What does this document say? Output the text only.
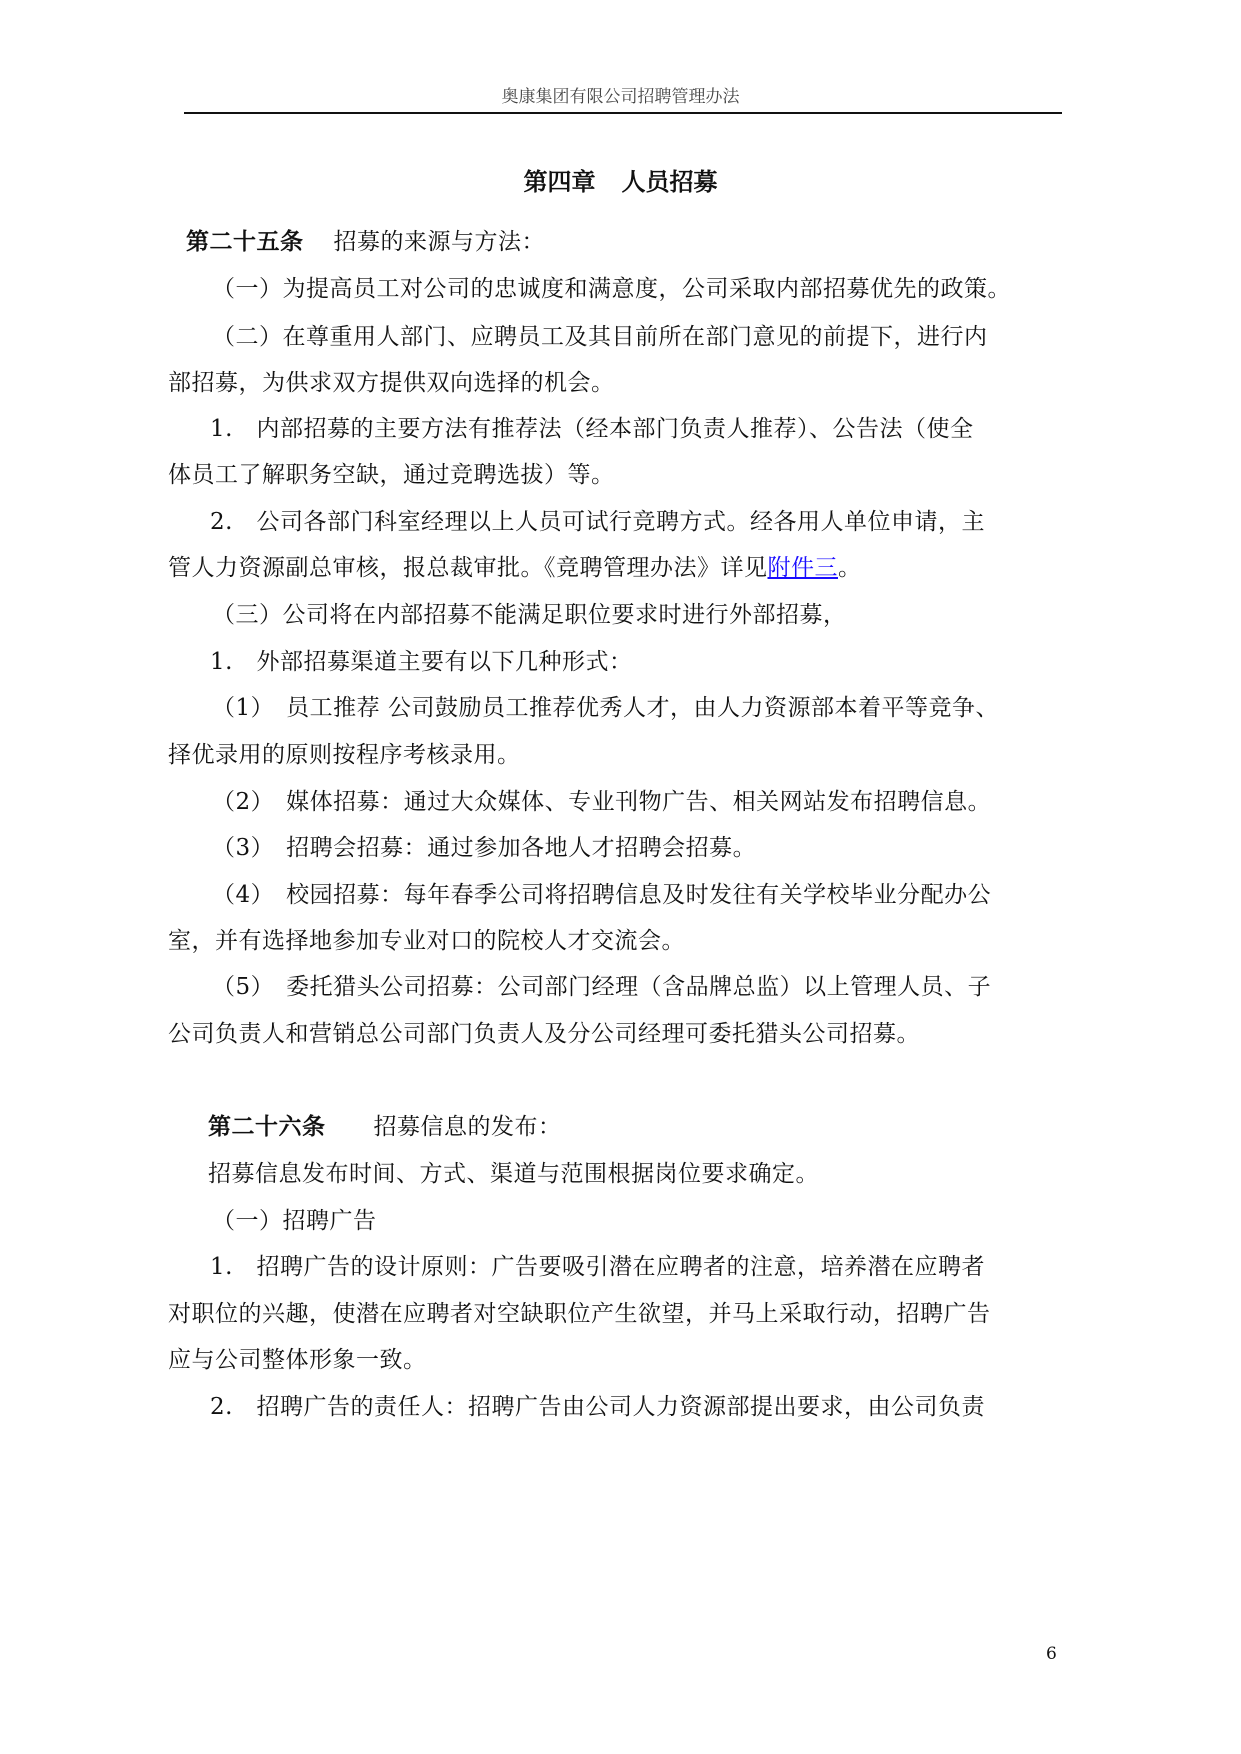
奥康集团有限公司招聘管理办法
第四章 人员招募
第二十五条 招募的来源与方法：
（一）为提高员工对公司的忠诚度和满意度，公司采取内部招募优先的政策。
（二）在尊重用人部门、应聘员工及其目前所在部门意见的前提下，进行内
部招募，为供求双方提供双向选择的机会。
1.　内部招募的主要方法有推荐法（经本部门负责人推荐）、公告法（使全
体员工了解职务空缺，通过竞聘选拔）等。
2.　公司各部门科室经理以上人员可试行竞聘方式。经各用人单位申请，主
管人力资源副总审核，报总裁审批。《竞聘管理办法》详见附件三。
（三）公司将在内部招募不能满足职位要求时进行外部招募，
1.　外部招募渠道主要有以下几种形式：
（1）　员工推荐 公司鼓励员工推荐优秀人才，由人力资源部本着平等竞争、
择优录用的原则按程序考核录用。
（2）　媒体招募：通过大众媒体、专业刊物广告、相关网站发布招聘信息。
（3）　招聘会招募：通过参加各地人才招聘会招募。
（4）　校园招募：每年春季公司将招聘信息及时发往有关学校毕业分配办公
室，并有选择地参加专业对口的院校人才交流会。
（5）　委托猎头公司招募：公司部门经理（含品牌总监）以上管理人员、子
公司负责人和营销总公司部门负责人及分公司经理可委托猎头公司招募。
第二十六条 招募信息的发布：
招募信息发布时间、方式、渠道与范围根据岗位要求确定。
（一）招聘广告
1.　招聘广告的设计原则：广告要吸引潜在应聘者的注意，培养潜在应聘者
对职位的兴趣，使潜在应聘者对空缺职位产生欲望，并马上采取行动，招聘广告
应与公司整体形象一致。
2.　招聘广告的责任人：招聘广告由公司人力资源部提出要求，由公司负责
6
